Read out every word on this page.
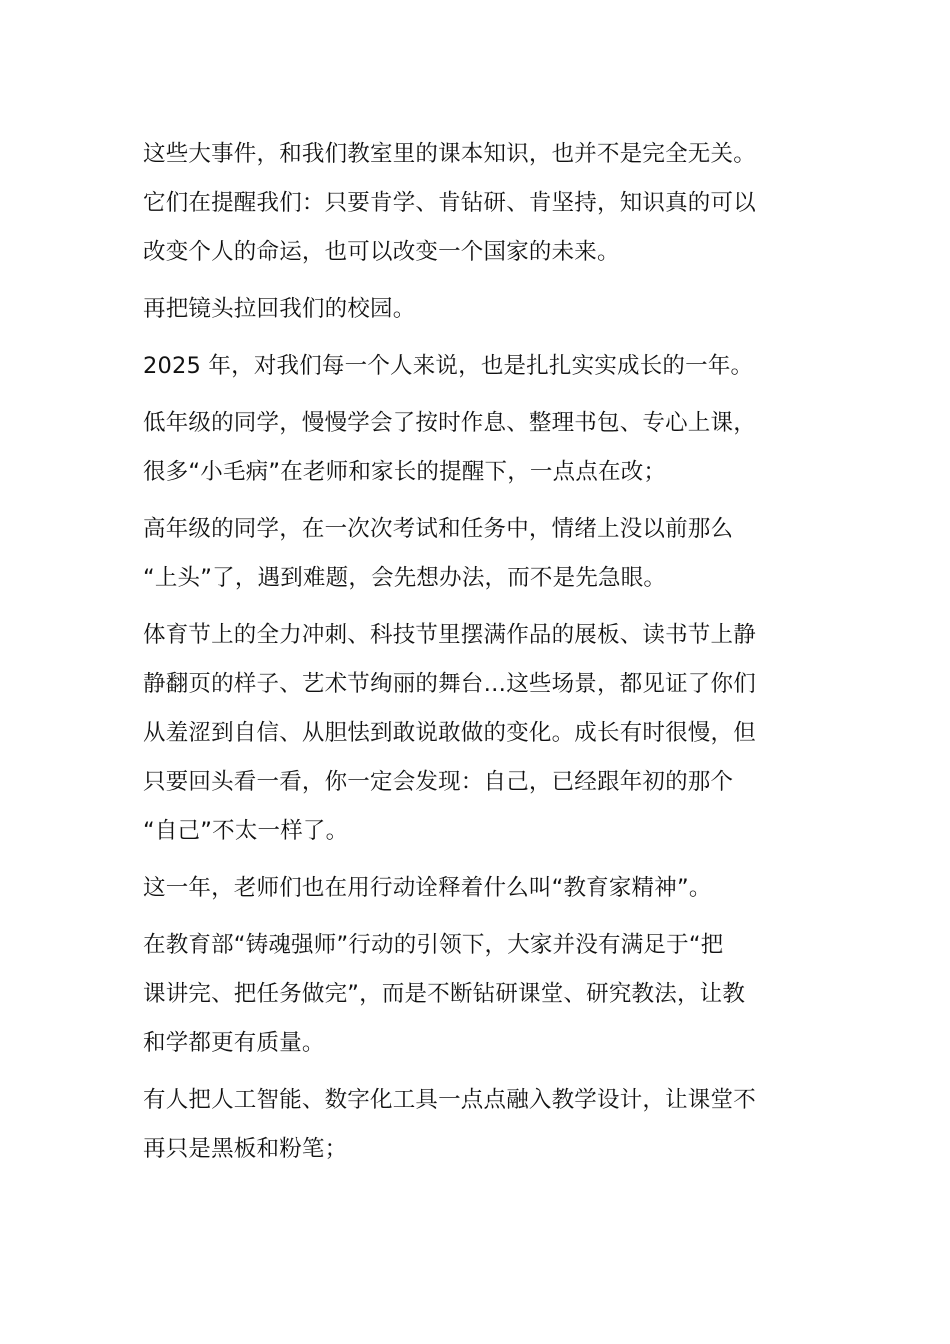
这些大事件，和我们教室里的课本知识，也并不是完全无关。
它们在提醒我们：只要肯学、肯钻研、肯坚持，知识真的可以
改变个人的命运，也可以改变一个国家的未来。
再把镜头拉回我们的校园。
2025 年，对我们每一个人来说，也是扎扎实实成长的一年。
低年级的同学，慢慢学会了按时作息、整理书包、专心上课，
很多“小毛病”在老师和家长的提醒下，一点点在改；
高年级的同学，在一次次考试和任务中，情绪上没以前那么
“上头”了，遇到难题，会先想办法，而不是先急眼。
体育节上的全力冲刺、科技节里摆满作品的展板、读书节上静
静翻页的样子、艺术节绚丽的舞台…这些场景，都见证了你们
从羞涩到自信、从胆怯到敢说敢做的变化。成长有时很慢，但
只要回头看一看，你一定会发现：自己，已经跟年初的那个
“自己”不太一样了。
这一年，老师们也在用行动诠释着什么叫“教育家精神”。
在教育部“铸魂强师”行动的引领下，大家并没有满足于“把
课讲完、把任务做完”，而是不断钻研课堂、研究教法，让教
和学都更有质量。
有人把人工智能、数字化工具一点点融入教学设计，让课堂不
再只是黑板和粉笔；
